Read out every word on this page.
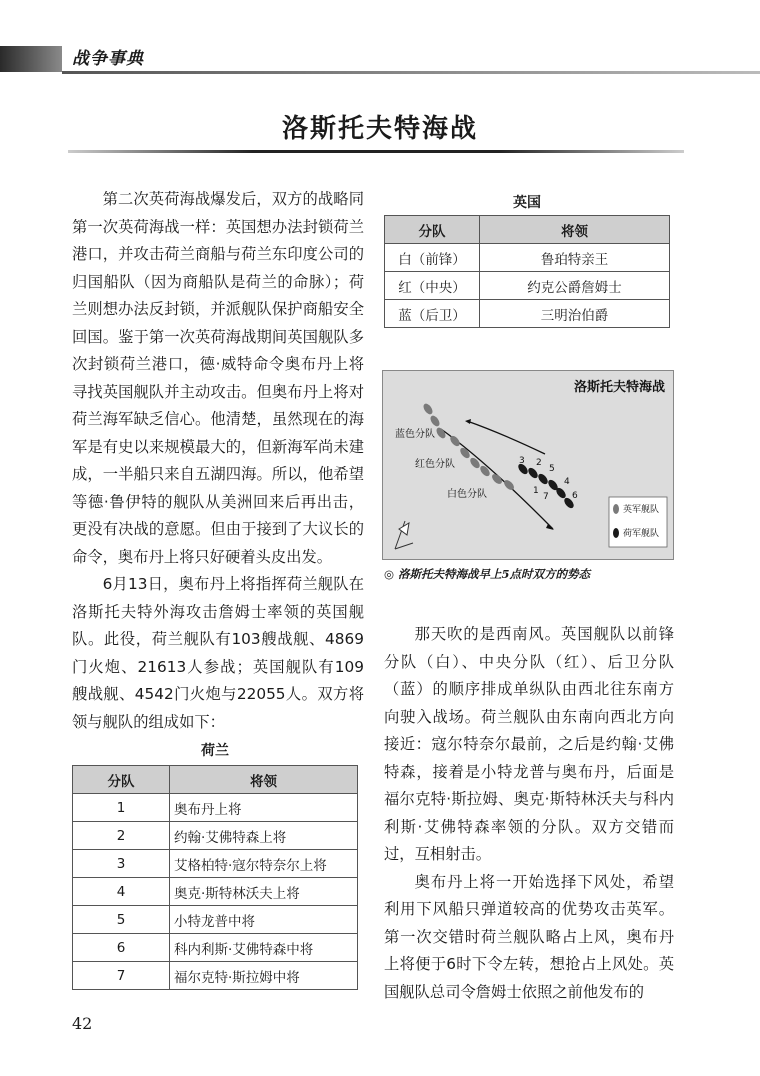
战争事典
洛斯托夫特海战

第二次英荷海战爆发后，双方的战略同第一次英荷海战一样：英国想办法封锁荷兰港口，并攻击荷兰商船与荷兰东印度公司的归国船队（因为商船队是荷兰的命脉）；荷兰则想办法反封锁，并派舰队保护商船安全回国。鉴于第一次英荷海战期间英国舰队多次封锁荷兰港口，德·威特命令奥布丹上将寻找英国舰队并主动攻击。但奥布丹上将对荷兰海军缺乏信心。他清楚，虽然现在的海军是有史以来规模最大的，但新海军尚未建成，一半船只来自五湖四海。所以，他希望等德·鲁伊特的舰队从美洲回来后再出击，更没有决战的意愿。但由于接到了大议长的命令，奥布丹上将只好硬着头皮出发。

6月13日，奥布丹上将指挥荷兰舰队在洛斯托夫特外海攻击詹姆士率领的英国舰队。此役，荷兰舰队有103艘战舰、4869门火炮、21613人参战；英国舰队有109艘战舰、4542门火炮与22055人。双方将领与舰队的组成如下：

荷兰
分队	将领
1	奥布丹上将
2	约翰·艾佛特森上将
3	艾格柏特·寇尔特奈尔上将
4	奥克·斯特林沃夫上将
5	小特龙普中将
6	科内利斯·艾佛特森中将
7	福尔克特·斯拉姆中将
英国
分队	将领
白（前锋）	鲁珀特亲王
红（中央）	约克公爵詹姆士
蓝（后卫）	三明治伯爵
洛斯托夫特海战
蓝色分队
红色分队
白色分队
3 2
5
1
7
4
6
英军舰队
荷军舰队
◎ 洛斯托夫特海战早上5点时双方的势态

那天吹的是西南风。英国舰队以前锋分队（白）、中央分队（红）、后卫分队（蓝）的顺序排成单纵队由西北往东南方向驶入战场。荷兰舰队由东南向西北方向接近：寇尔特奈尔最前，之后是约翰·艾佛特森，接着是小特龙普与奥布丹，后面是福尔克特·斯拉姆、奥克·斯特林沃夫与科内利斯·艾佛特森率领的分队。双方交错而过，互相射击。

奥布丹上将一开始选择下风处，希望利用下风船只弹道较高的优势攻击英军。第一次交错时荷兰舰队略占上风，奥布丹上将便于6时下令左转，想抢占上风处。英国舰队总司令詹姆士依照之前他发布的

42
